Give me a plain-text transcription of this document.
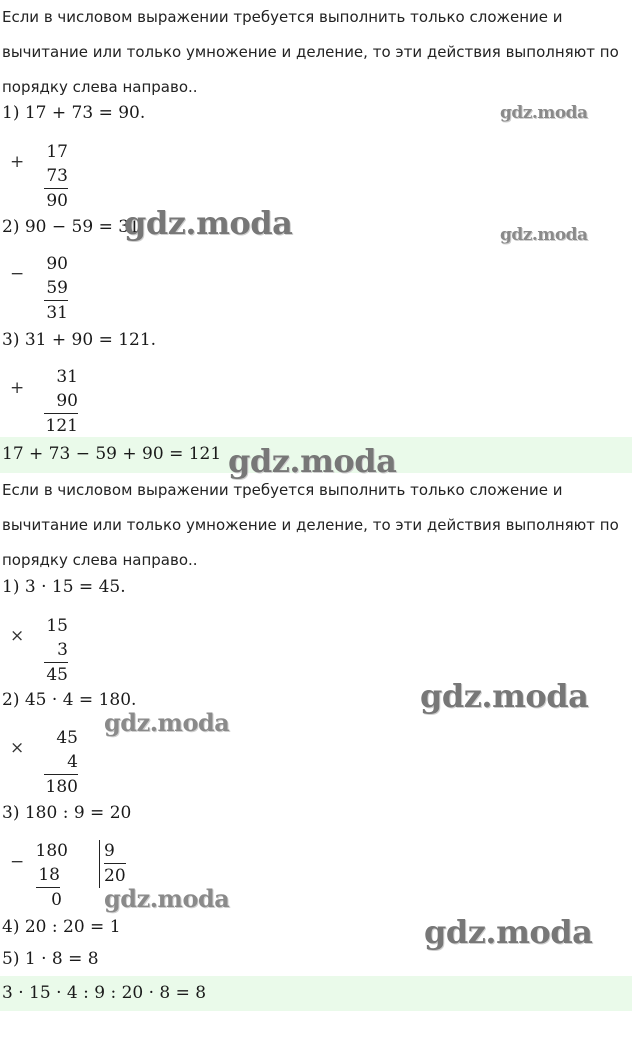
Если в числовом выражении требуется выполнить только сложение и вычитание или только умножение и деление, то эти действия выполняют по порядку слева направо..
1) 17 + 73 = 90.
+ 17
73
90
2) 90 − 59 = 31.
− 90
59
31
3) 31 + 90 = 121.
+
31
90
121
17 + 73 − 59 + 90 = 121
Если в числовом выражении требуется выполнить только сложение и вычитание или только умножение и деление, то эти действия выполняют по порядку слева направо..
1) 3 · 15 = 45.
× 15
3
45
2) 45 · 4 = 180.
×	45
4
180
3) 180 : 9 = 20
−
180
18
0
9
20
4) 20 : 20 = 1
5) 1 · 8 = 8
3 · 15 · 4 : 9 : 20 · 8 = 8
gdz.moda
gdz.moda
gdz.moda
gdz.moda
gdz.moda
gdz.moda
gdz.moda
gdz.moda
